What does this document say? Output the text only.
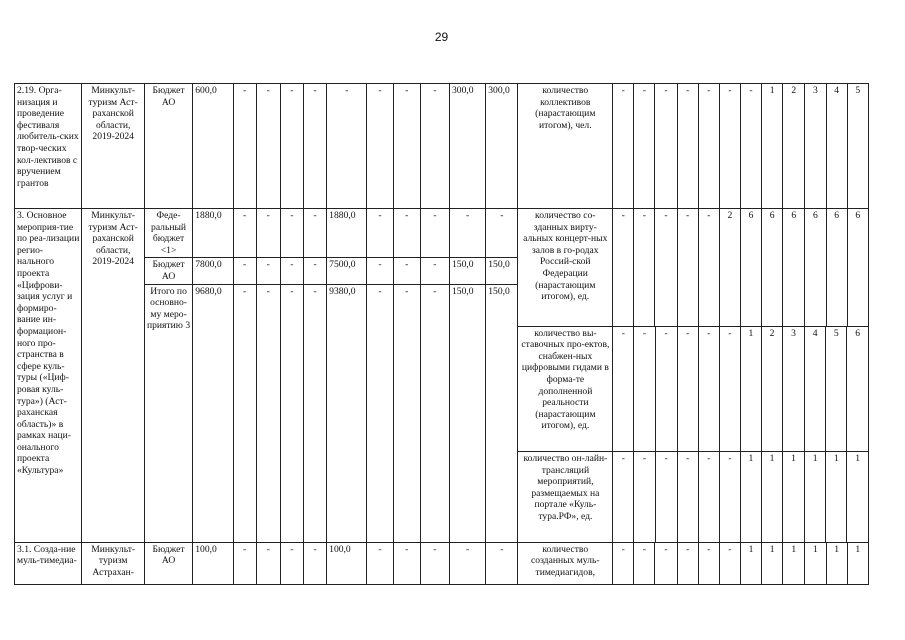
29
2.19. Орга-низация и проведение фестиваля любитель-ских твор-ческих кол-лективов с вручением грантов	Минкульт-туризм Аст-раханской области, 2019-2024	Бюджет АО	600,0	-	-	-	-	-	-	-	-	300,0	300,0	количество коллективов (нарастающим итогом), чел.	-	-	-	-	-	-	-	1	2	3	4	5
3. Основное мероприя-тие по реа-лизации регио-нального проекта «Цифрови-зация услуг и формиро-вание ин-формацион-ного про-странства в сфере куль-туры («Циф-ровая куль-тура») (Аст-раханская область)» в рамках наци-онального проекта «Культура»	Минкульт-туризм Аст-раханской области, 2019-2024	Феде-ральный бюджет <1>	1880,0	-	-	-	-	1880,0	-	-	-	-	-	количество со-зданных вирту-альных концерт-ных залов в го-родах Россий-ской Федерации (нарастающим итогом), ед.	-	-	-	-	-	2	6	6	6	6	6	6
Бюджет АО	7800,0	-	-	-	-	7500,0	-	-	-	150,0	150,0
Итого по основно-му меро-приятию 3	9680,0	-	-	-	-	9380,0	-	-	-	150,0	150,0

количество вы-ставочных про-ектов, снабжен-ных цифровыми гидами в форма-те дополненной реальности (нарастающим итогом), ед.	-	-	-	-	-	-	1	2	3	4	5	6
количество он-лайн-трансляций мероприятий, размещаемых на портале «Куль-тура.РФ», ед.	-	-	-	-	-	-	1	1	1	1	1	1

3.1. Созда-ние муль-тимедиа-	Минкульт-туризм Астрахан-	Бюджет АО	100,0	-	-	-	-	100,0	-	-	-	-	-	количество созданных муль-тимедиагидов,	-	-	-	-	-	-	1	1	1	1	1	1
